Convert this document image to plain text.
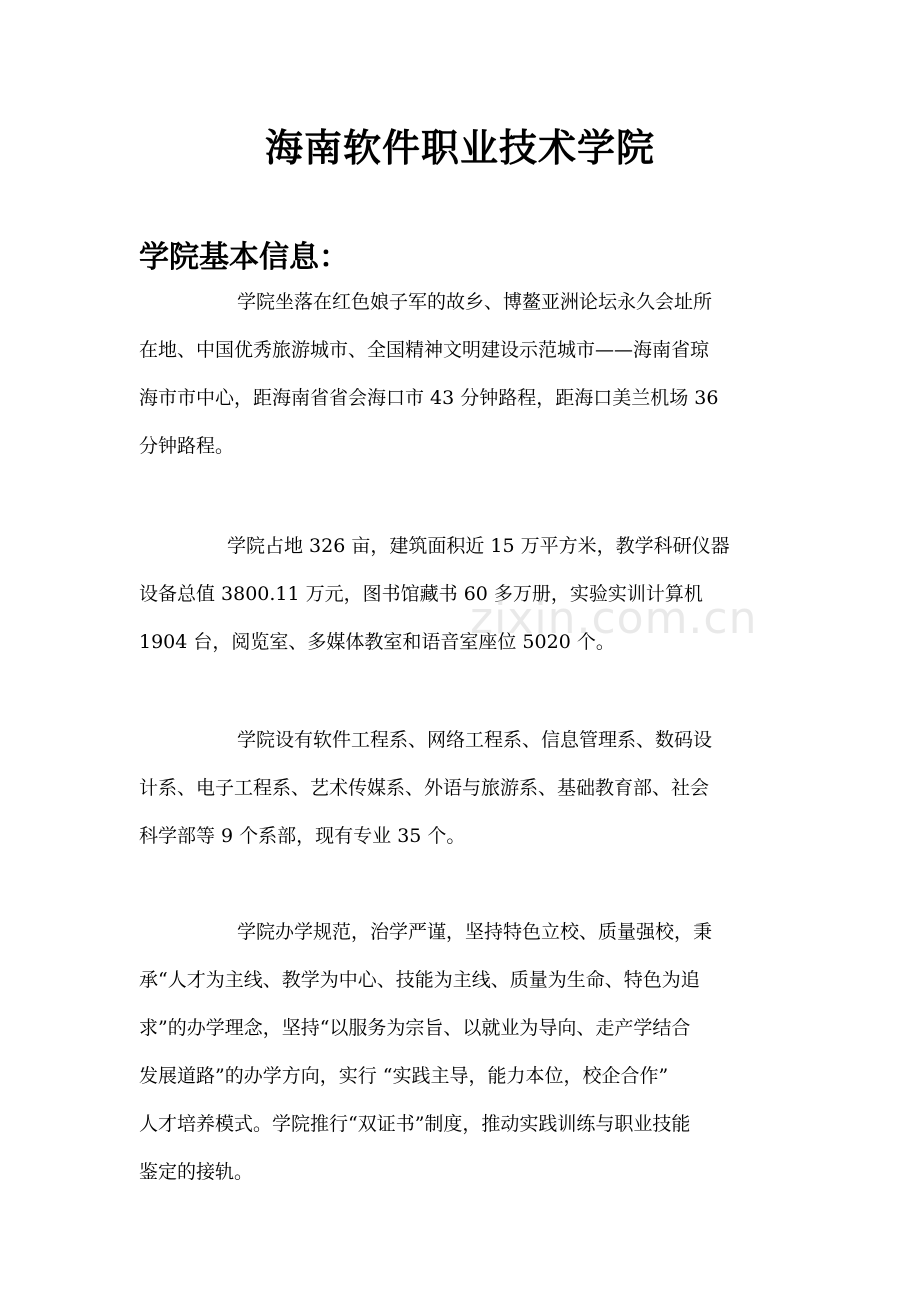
海南软件职业技术学院
学院基本信息：

学院坐落在红色娘子军的故乡、博鳌亚洲论坛永久会址所
在地、中国优秀旅游城市、全国精神文明建设示范城市——海南省琼
海市市中心，距海南省省会海口市 43 分钟路程，距海口美兰机场 36
分钟路程。

学院占地 326 亩，建筑面积近 15 万平方米，教学科研仪器
设备总值 3800.11 万元，图书馆藏书 60 多万册，实验实训计算机
1904 台，阅览室、多媒体教室和语音室座位 5020 个。

学院设有软件工程系、网络工程系、信息管理系、数码设
计系、电子工程系、艺术传媒系、外语与旅游系、基础教育部、社会
科学部等 9 个系部，现有专业 35 个。

学院办学规范，治学严谨，坚持特色立校、质量强校，秉
承“人才为主线、教学为中心、技能为主线、质量为生命、特色为追
求”的办学理念，坚持“以服务为宗旨、以就业为导向、走产学结合
发展道路”的办学方向，实行 “实践主导，能力本位，校企合作”
人才培养模式。学院推行“双证书”制度，推动实践训练与职业技能
鉴定的接轨。

zixin.com.cn
